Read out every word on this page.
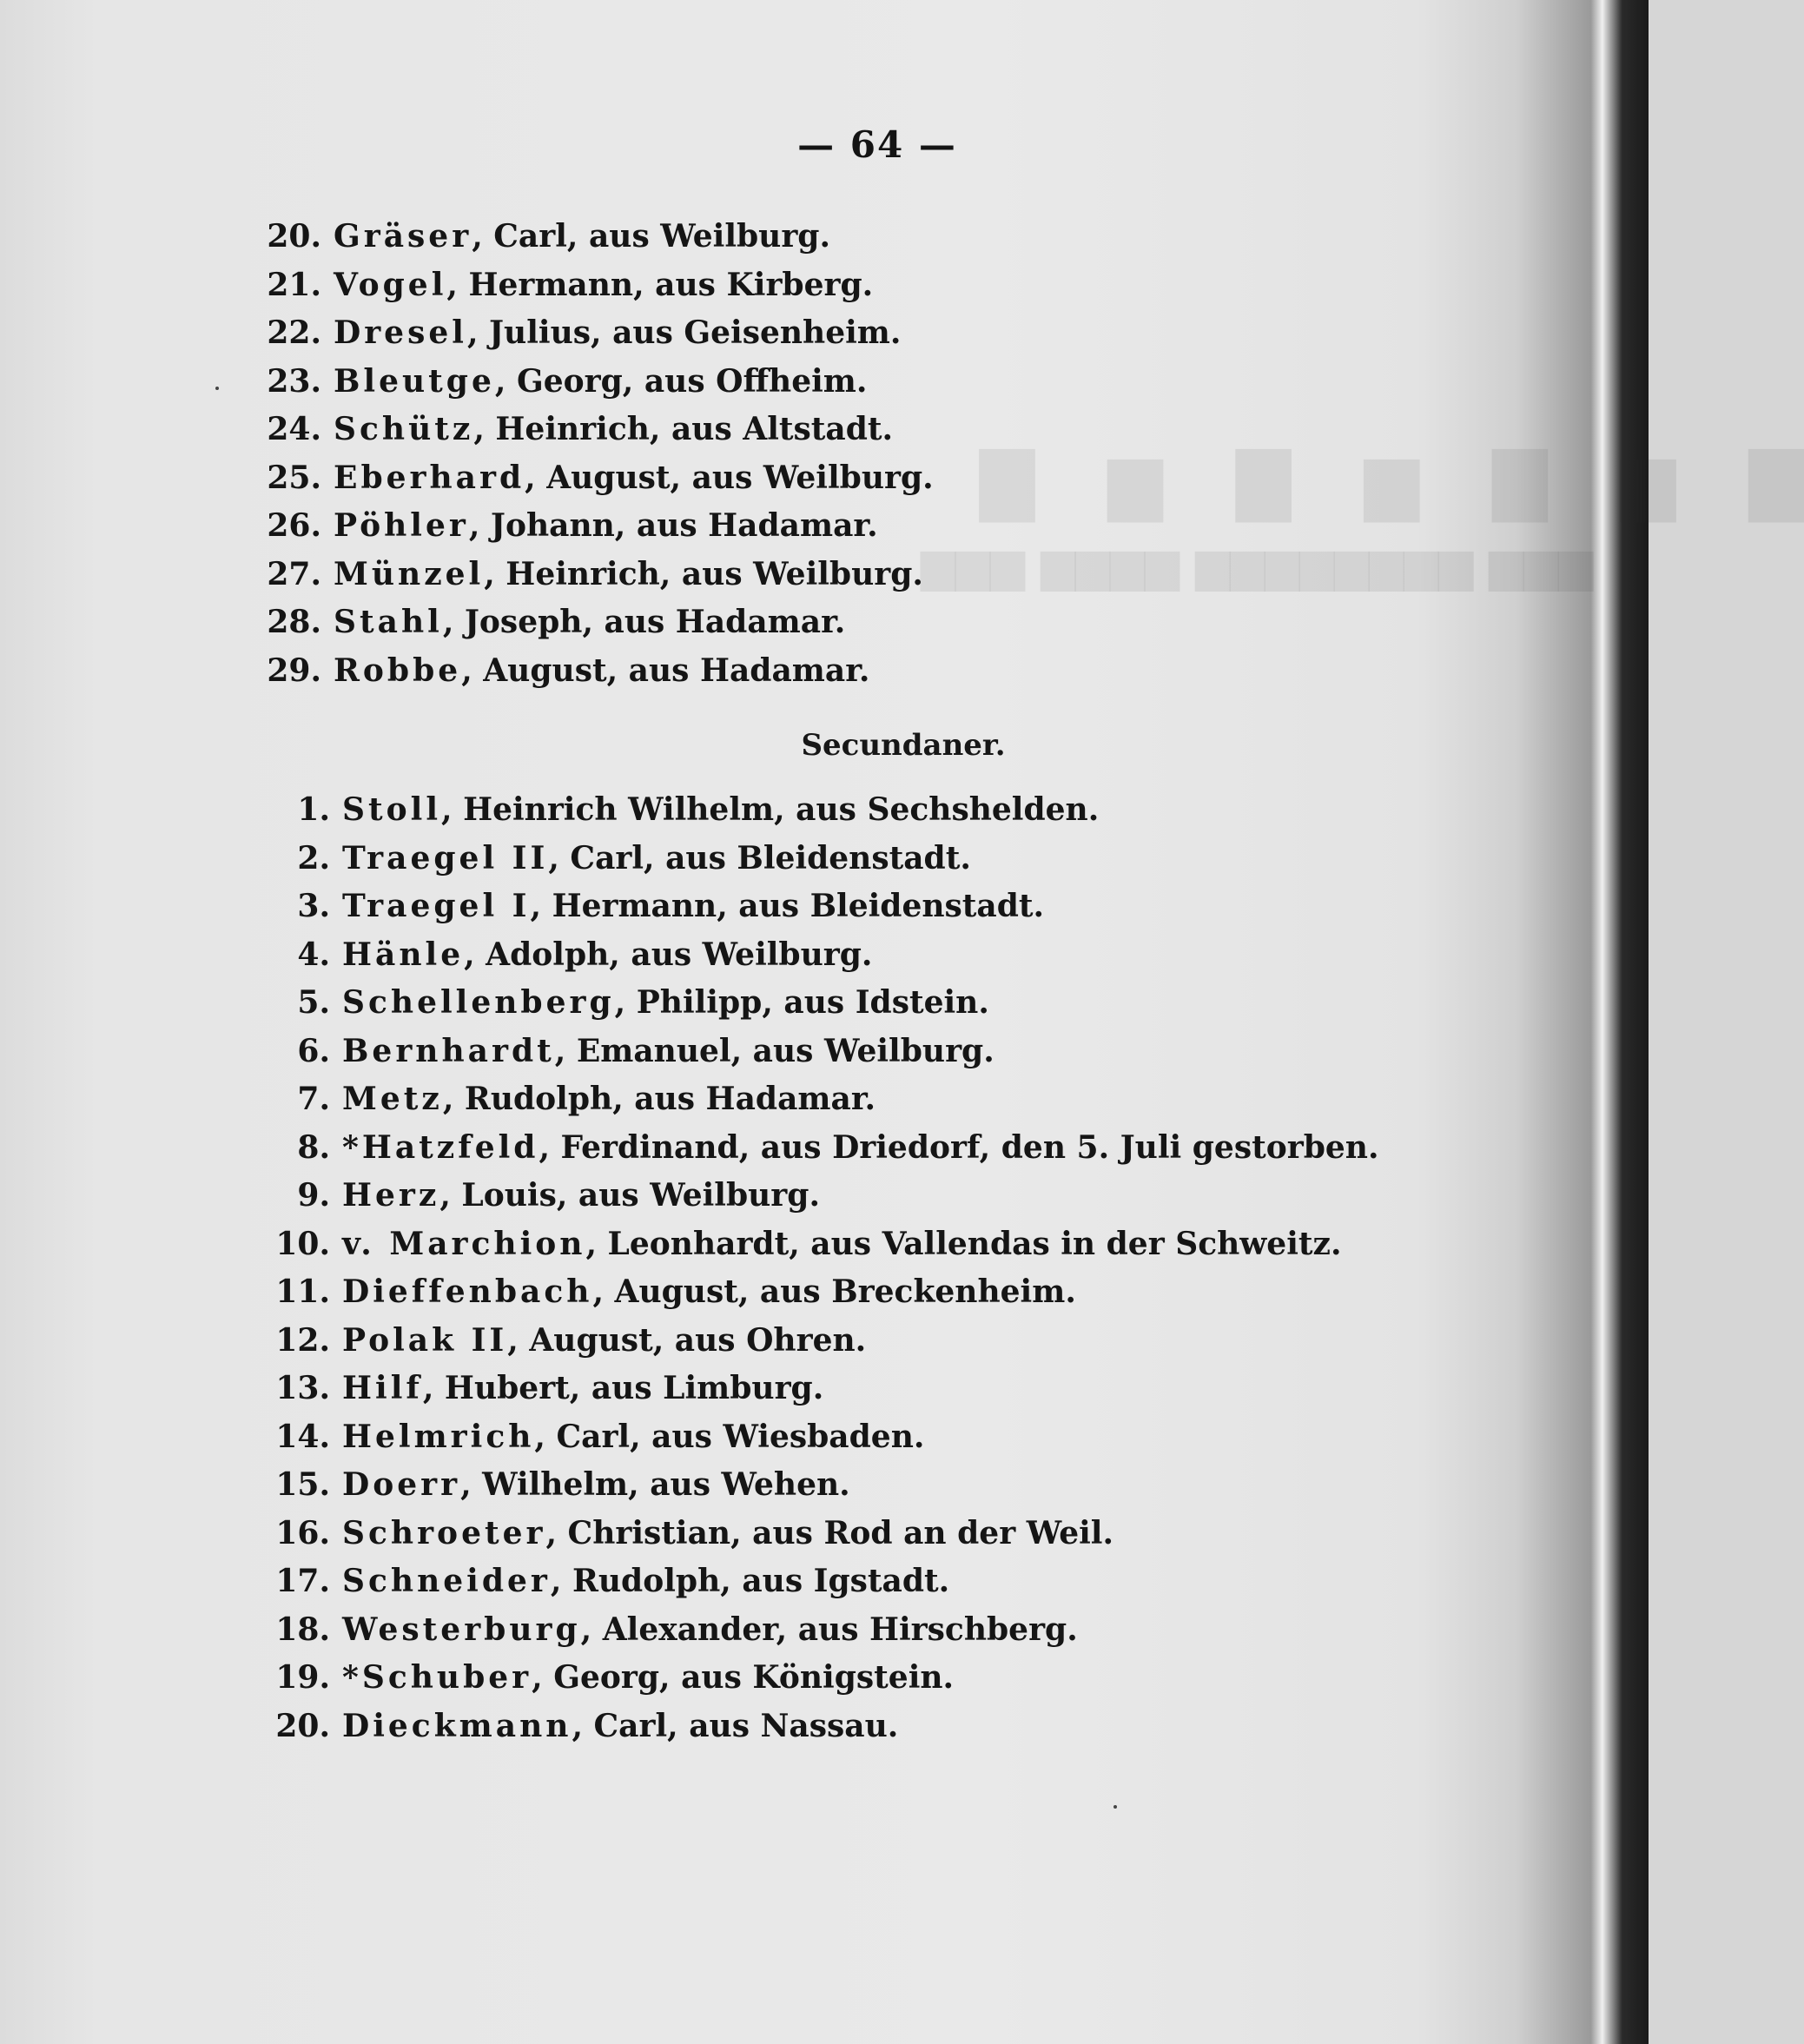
▇ ▆ ▇ ▆ ▇ ▆ ▇
▆▆▆ ▆▆▆▆▆▆▆▆ ▆▆▆▆ ▆▆▆
— 64 —
20. Gräser, Carl, aus Weilburg.
21. Vogel, Hermann, aus Kirberg.
22. Dresel, Julius, aus Geisenheim.
23. Bleutge, Georg, aus Offheim.
24. Schütz, Heinrich, aus Altstadt.
25. Eberhard, August, aus Weilburg.
26. Pöhler, Johann, aus Hadamar.
27. Münzel, Heinrich, aus Weilburg.
28. Stahl, Joseph, aus Hadamar.
29. Robbe, August, aus Hadamar.
Secundaner.
1. Stoll, Heinrich Wilhelm, aus Sechshelden.
2. Traegel II, Carl, aus Bleidenstadt.
3. Traegel I, Hermann, aus Bleidenstadt.
4. Hänle, Adolph, aus Weilburg.
5. Schellenberg, Philipp, aus Idstein.
6. Bernhardt, Emanuel, aus Weilburg.
7. Metz, Rudolph, aus Hadamar.
8. *Hatzfeld, Ferdinand, aus Driedorf, den 5. Juli gestorben.
9. Herz, Louis, aus Weilburg.
10. v. Marchion, Leonhardt, aus Vallendas in der Schweitz.
11. Dieffenbach, August, aus Breckenheim.
12. Polak II, August, aus Ohren.
13. Hilf, Hubert, aus Limburg.
14. Helmrich, Carl, aus Wiesbaden.
15. Doerr, Wilhelm, aus Wehen.
16. Schroeter, Christian, aus Rod an der Weil.
17. Schneider, Rudolph, aus Igstadt.
18. Westerburg, Alexander, aus Hirschberg.
19. *Schuber, Georg, aus Königstein.
20. Dieckmann, Carl, aus Nassau.
